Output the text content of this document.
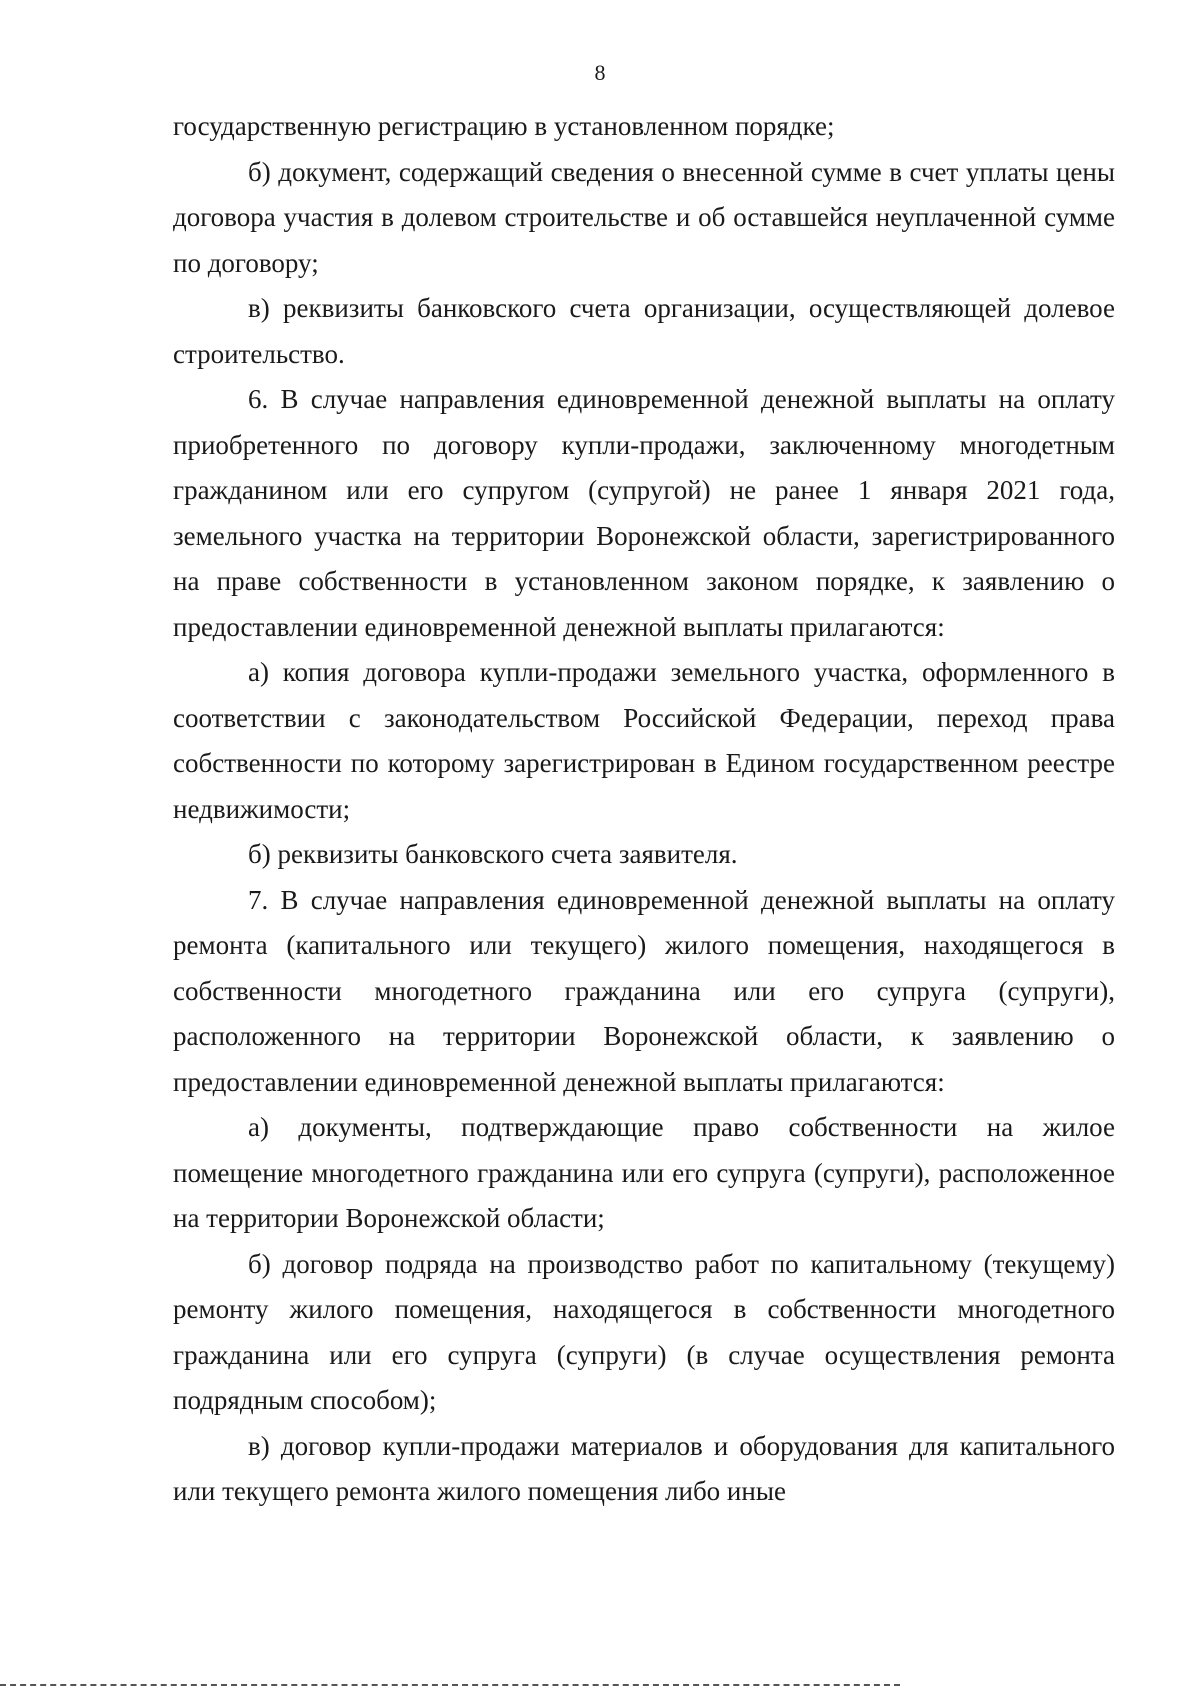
8

государственную регистрацию в установленном порядке;

б) документ, содержащий сведения о внесенной сумме в счет уплаты цены договора участия в долевом строительстве и об оставшейся неуплаченной сумме по договору;

в) реквизиты банковского счета организации, осуществляющей долевое строительство.

6. В случае направления единовременной денежной выплаты на оплату приобретенного по договору купли-продажи, заключенному многодетным гражданином или его супругом (супругой) не ранее 1 января 2021 года, земельного участка на территории Воронежской области, зарегистрированного на праве собственности в установленном законом порядке, к заявлению о предоставлении единовременной денежной выплаты прилагаются:

а) копия договора купли-продажи земельного участка, оформленного в соответствии с законодательством Российской Федерации, переход права собственности по которому зарегистрирован в Едином государственном реестре недвижимости;

б) реквизиты банковского счета заявителя.

7. В случае направления единовременной денежной выплаты на оплату ремонта (капитального или текущего) жилого помещения, находящегося в собственности многодетного гражданина или его супруга (супруги), расположенного на территории Воронежской области, к заявлению о предоставлении единовременной денежной выплаты прилагаются:

а) документы, подтверждающие право собственности на жилое помещение многодетного гражданина или его супруга (супруги), расположенное на территории Воронежской области;

б) договор подряда на производство работ по капитальному (текущему) ремонту жилого помещения, находящегося в собственности многодетного гражданина или его супруга (супруги) (в случае осуществления ремонта подрядным способом);

в) договор купли-продажи материалов и оборудования для капитального или текущего ремонта жилого помещения либо иные
